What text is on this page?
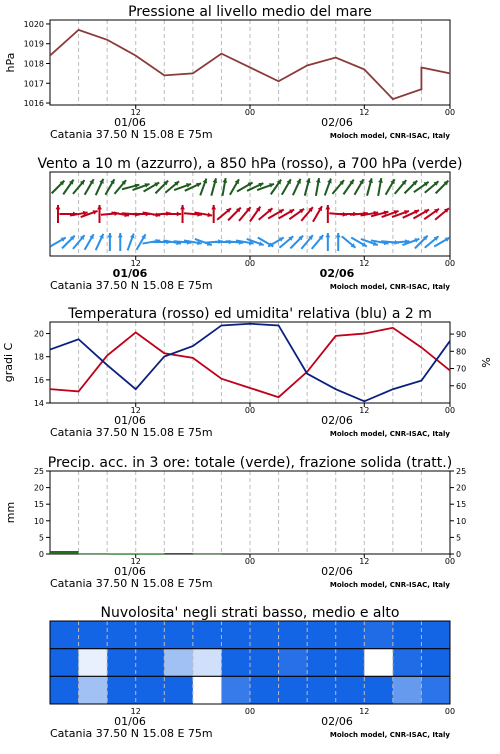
Pressione al livello medio del mare
12	00	12	00
01/06	02/06
Catania 37.50 N 15.08 E 75m	Moloch model, CNR-ISAC, Italy
1020
1019
1018
1017
1016
hPa
Vento a 10 m (azzurro), a 850 hPa (rosso), a 700 hPa (verde)
12	00	12	00
01/06	02/06
Catania 37.50 N 15.08 E 75m	Moloch model, CNR-ISAC, Italy
Temperatura (rosso) ed umidita' relativa (blu) a 2 m
12	00	12	00
01/06	02/06
Catania 37.50 N 15.08 E 75m	Moloch model, CNR-ISAC, Italy
20
18
16
14
90
80
70
60
gradi C	%
Precip. acc. in 3 ore: totale (verde), frazione solida (tratt.)
12	00	12	00
01/06	02/06
Catania 37.50 N 15.08 E 75m	Moloch model, CNR-ISAC, Italy
25
20
15
10
5
0
25
20
15
10
5
0
mm
Nuvolosita' negli strati basso, medio e alto
12	00	12	00
01/06	02/06
Catania 37.50 N 15.08 E 75m	Moloch model, CNR-ISAC, Italy
